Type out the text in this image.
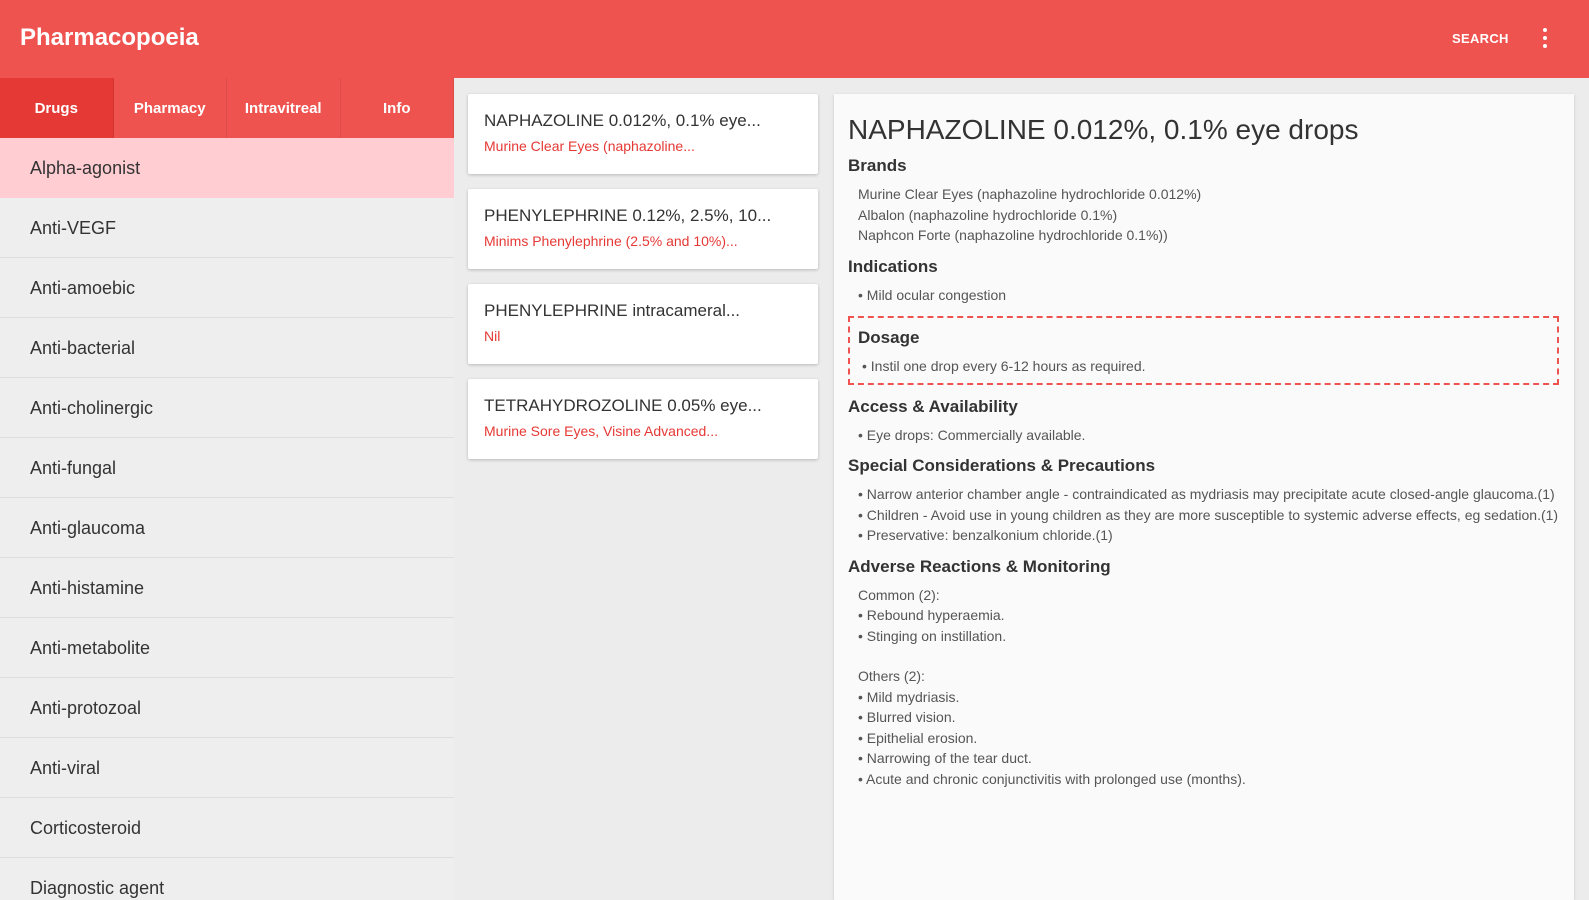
Pharmacopoeia	SEARCH
Drugs	Pharmacy	Intravitreal	Info
Alpha-agonist
Anti-VEGF
Anti-amoebic
Anti-bacterial
Anti-cholinergic
Anti-fungal
Anti-glaucoma
Anti-histamine
Anti-metabolite
Anti-protozoal
Anti-viral
Corticosteroid
Diagnostic agent
NAPHAZOLINE 0.012%, 0.1% eye...
Murine Clear Eyes (naphazoline...
PHENYLEPHRINE 0.12%, 2.5%, 10...
Minims Phenylephrine (2.5% and 10%)...
PHENYLEPHRINE intracameral...
Nil
TETRAHYDROZOLINE 0.05% eye...
Murine Sore Eyes, Visine Advanced...
NAPHAZOLINE 0.012%, 0.1% eye drops
Brands
Murine Clear Eyes (naphazoline hydrochloride 0.012%)
Albalon (naphazoline hydrochloride 0.1%)
Naphcon Forte (naphazoline hydrochloride 0.1%))
Indications
• Mild ocular congestion
Dosage
• Instil one drop every 6-12 hours as required.
Access & Availability
• Eye drops: Commercially available.
Special Considerations & Precautions
• Narrow anterior chamber angle - contraindicated as mydriasis may precipitate acute closed-angle glaucoma.(1)
• Children - Avoid use in young children as they are more susceptible to systemic adverse effects, eg sedation.(1)
• Preservative: benzalkonium chloride.(1)
Adverse Reactions & Monitoring
Common (2):
• Rebound hyperaemia.
• Stinging on instillation.
Others (2):
• Mild mydriasis.
• Blurred vision.
• Epithelial erosion.
• Narrowing of the tear duct.
• Acute and chronic conjunctivitis with prolonged use (months).
